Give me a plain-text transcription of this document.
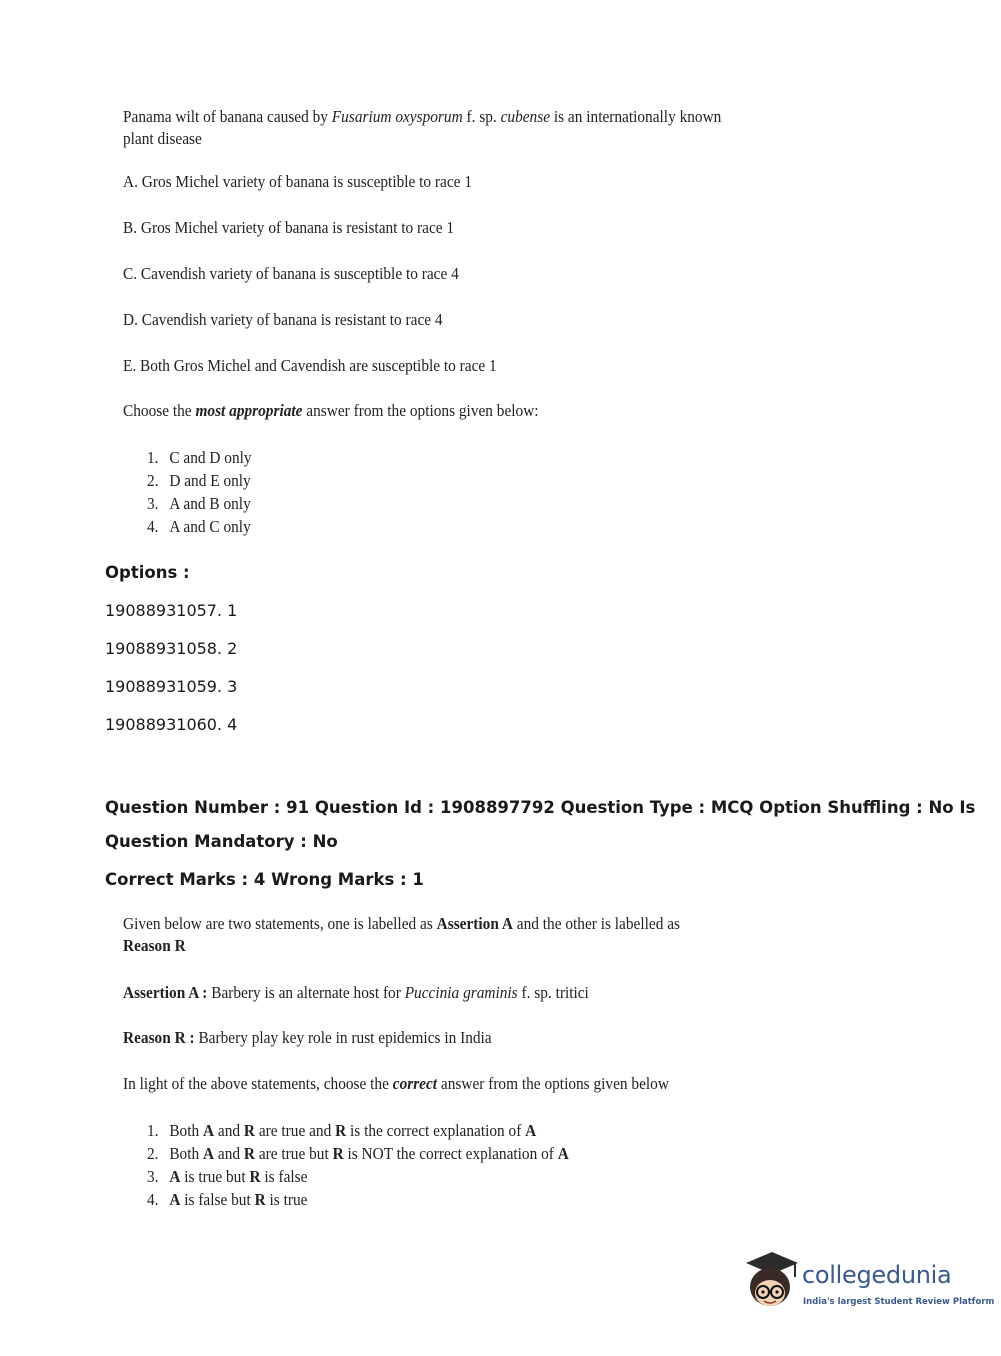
Panama wilt of banana caused by Fusarium oxysporum f. sp. cubense is an internationally known
plant disease
A. Gros Michel variety of banana is susceptible to race 1
B. Gros Michel variety of banana is resistant to race 1
C. Cavendish variety of banana is susceptible to race 4
D. Cavendish variety of banana is resistant to race 4
E. Both Gros Michel and Cavendish are susceptible to race 1
Choose the most appropriate answer from the options given below:
1. C and D only
2. D and E only
3. A and B only
4. A and C only
Options :
19088931057. 1
19088931058. 2
19088931059. 3
19088931060. 4
Question Number : 91 Question Id : 1908897792 Question Type : MCQ Option Shuffling : No Is
Question Mandatory : No
Correct Marks : 4 Wrong Marks : 1
Given below are two statements, one is labelled as Assertion A and the other is labelled as
Reason R
Assertion A : Barbery is an alternate host for Puccinia graminis f. sp. tritici
Reason R : Barbery play key role in rust epidemics in India
In light of the above statements, choose the correct answer from the options given below
1. Both A and R are true and R is the correct explanation of A
2. Both A and R are true but R is NOT the correct explanation of A
3. A is true but R is false
4. A is false but R is true
collegedunia
India's largest Student Review Platform
